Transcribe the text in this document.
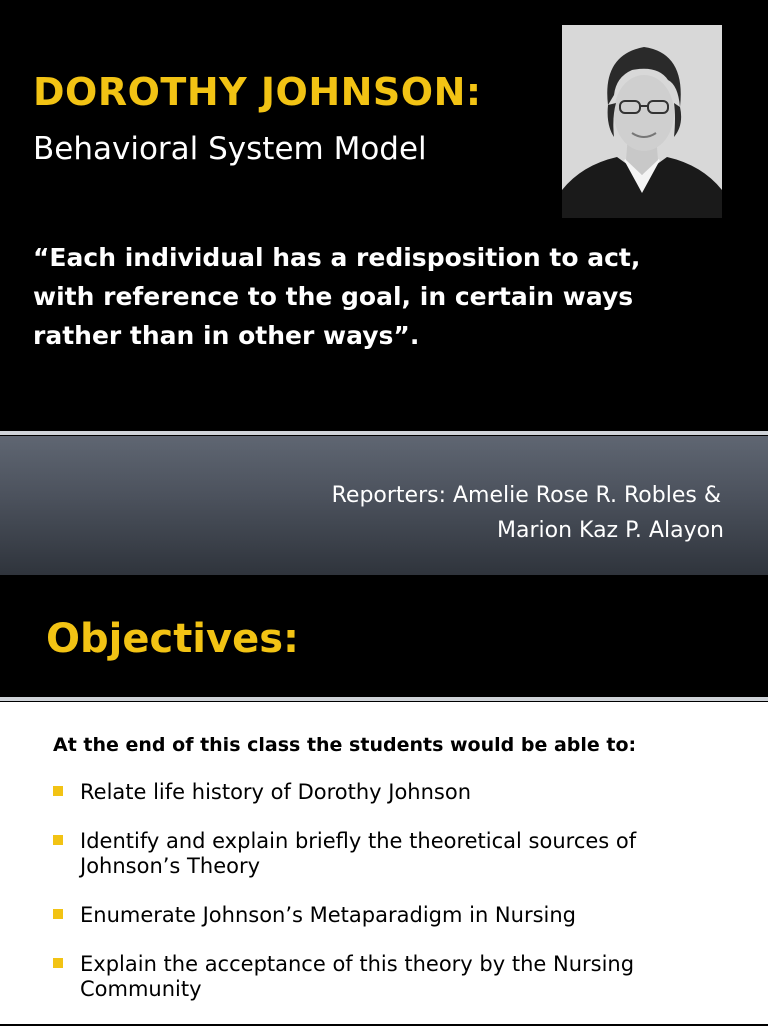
DOROTHY JOHNSON:
Behavioral System Model

“Each individual has a redisposition to act,
with reference to the goal, in certain ways
rather than in other ways”.

Reporters: Amelie Rose R. Robles &
Marion Kaz P. Alayon
Objectives:

At the end of this class the students would be able to:

Relate life history of Dorothy Johnson
Identify and explain briefly the theoretical sources of
Johnson’s Theory
Enumerate Johnson’s Metaparadigm in Nursing
Explain the acceptance of this theory by the Nursing
Community
